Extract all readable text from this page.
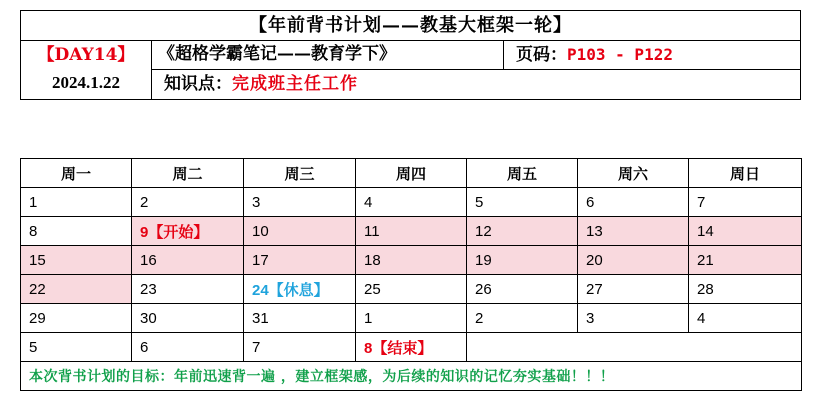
【年前背书计划——教基大框架一轮】
【DAY14】
2024.1.22
《超格学霸笔记——教育学下》	页码：P103 - P122
知识点：完成班主任工作
周一	周二	周三	周四	周五	周六	周日
1	2	3	4	5	6	7
8	9【开始】	10	11	12	13	14
15	16	17	18	19	20	21
22	23	24【休息】	25	26	27	28
29	30	31	1	2	3	4
5	6	7	8【结束】			
本次背书计划的目标：年前迅速背一遍 ，建立框架感，为后续的知识的记忆夯实基础！！！						
